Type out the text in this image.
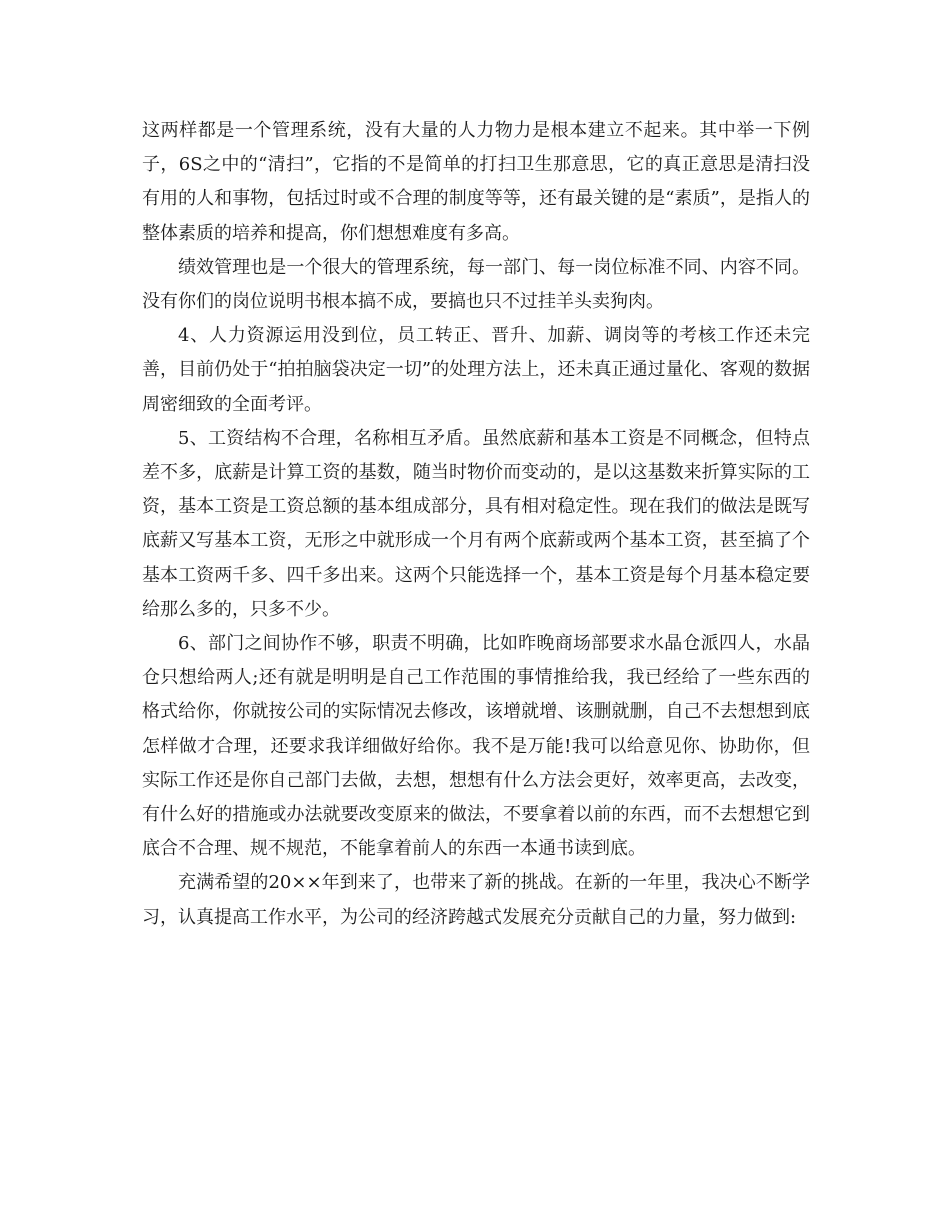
这两样都是一个管理系统，没有大量的人力物力是根本建立不起来。其中举一下例子，6S之中的“清扫”，它指的不是简单的打扫卫生那意思，它的真正意思是清扫没有用的人和事物，包括过时或不合理的制度等等，还有最关键的是“素质”，是指人的整体素质的培养和提高，你们想想难度有多高。

绩效管理也是一个很大的管理系统，每一部门、每一岗位标准不同、内容不同。没有你们的岗位说明书根本搞不成，要搞也只不过挂羊头卖狗肉。

4、人力资源运用没到位，员工转正、晋升、加薪、调岗等的考核工作还未完善，目前仍处于“拍拍脑袋决定一切”的处理方法上，还未真正通过量化、客观的数据周密细致的全面考评。

5、工资结构不合理，名称相互矛盾。虽然底薪和基本工资是不同概念，但特点差不多，底薪是计算工资的基数，随当时物价而变动的，是以这基数来折算实际的工资，基本工资是工资总额的基本组成部分，具有相对稳定性。现在我们的做法是既写底薪又写基本工资，无形之中就形成一个月有两个底薪或两个基本工资，甚至搞了个基本工资两千多、四千多出来。这两个只能选择一个，基本工资是每个月基本稳定要给那么多的，只多不少。

6、部门之间协作不够，职责不明确，比如昨晚商场部要求水晶仓派四人，水晶仓只想给两人;还有就是明明是自己工作范围的事情推给我，我已经给了一些东西的格式给你，你就按公司的实际情况去修改，该增就增、该删就删，自己不去想想到底怎样做才合理，还要求我详细做好给你。我不是万能!我可以给意见你、协助你，但实际工作还是你自己部门去做，去想，想想有什么方法会更好，效率更高，去改变，有什么好的措施或办法就要改变原来的做法，不要拿着以前的东西，而不去想想它到底合不合理、规不规范，不能拿着前人的东西一本通书读到底。

充满希望的20××年到来了，也带来了新的挑战。在新的一年里，我决心不断学习，认真提高工作水平，为公司的经济跨越式发展充分贡献自己的力量，努力做到:
